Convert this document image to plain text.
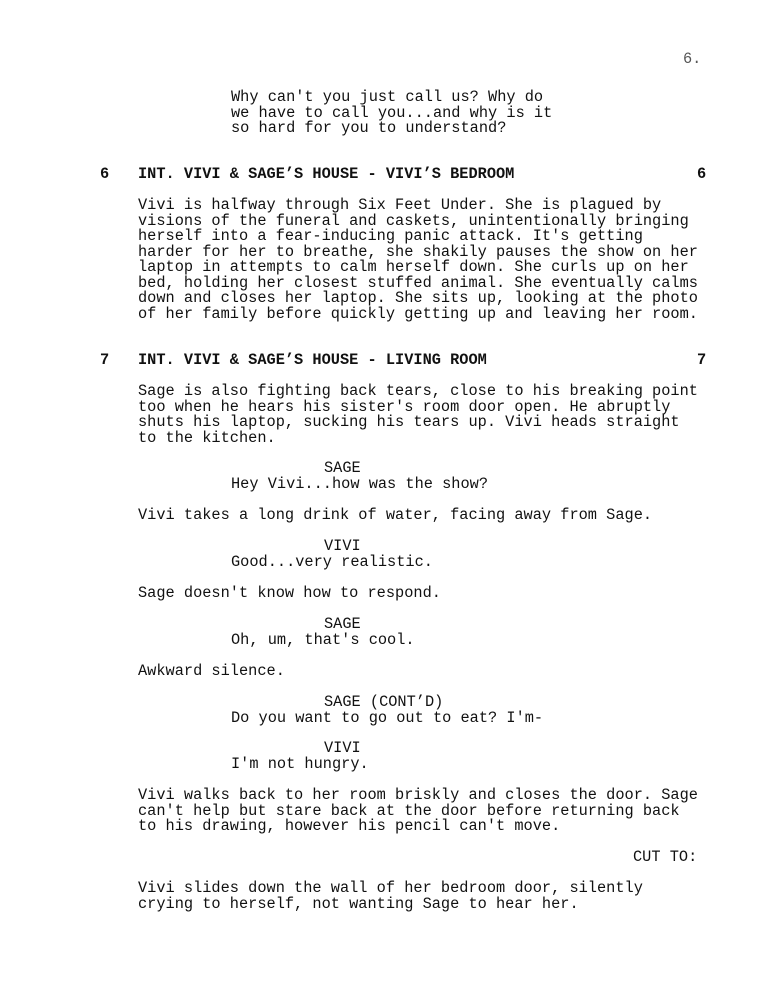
6.
Why can't you just call us? Why do
we have to call you...and why is it
so hard for you to understand?
6 INT. VIVI & SAGE’S HOUSE - VIVI’S BEDROOM	6
Vivi is halfway through Six Feet Under. She is plagued by
visions of the funeral and caskets, unintentionally bringing
herself into a fear-inducing panic attack. It's getting
harder for her to breathe, she shakily pauses the show on her
laptop in attempts to calm herself down. She curls up on her
bed, holding her closest stuffed animal. She eventually calms
down and closes her laptop. She sits up, looking at the photo
of her family before quickly getting up and leaving her room.
7 INT. VIVI & SAGE’S HOUSE - LIVING ROOM	7
Sage is also fighting back tears, close to his breaking point
too when he hears his sister's room door open. He abruptly
shuts his laptop, sucking his tears up. Vivi heads straight
to the kitchen.
SAGE
Hey Vivi...how was the show?
Vivi takes a long drink of water, facing away from Sage.
VIVI
Good...very realistic.
Sage doesn't know how to respond.
SAGE
Oh, um, that's cool.
Awkward silence.
SAGE (CONT’D)
Do you want to go out to eat? I'm-
VIVI
I'm not hungry.
Vivi walks back to her room briskly and closes the door. Sage
can't help but stare back at the door before returning back
to his drawing, however his pencil can't move.
CUT TO:
Vivi slides down the wall of her bedroom door, silently
crying to herself, not wanting Sage to hear her.
